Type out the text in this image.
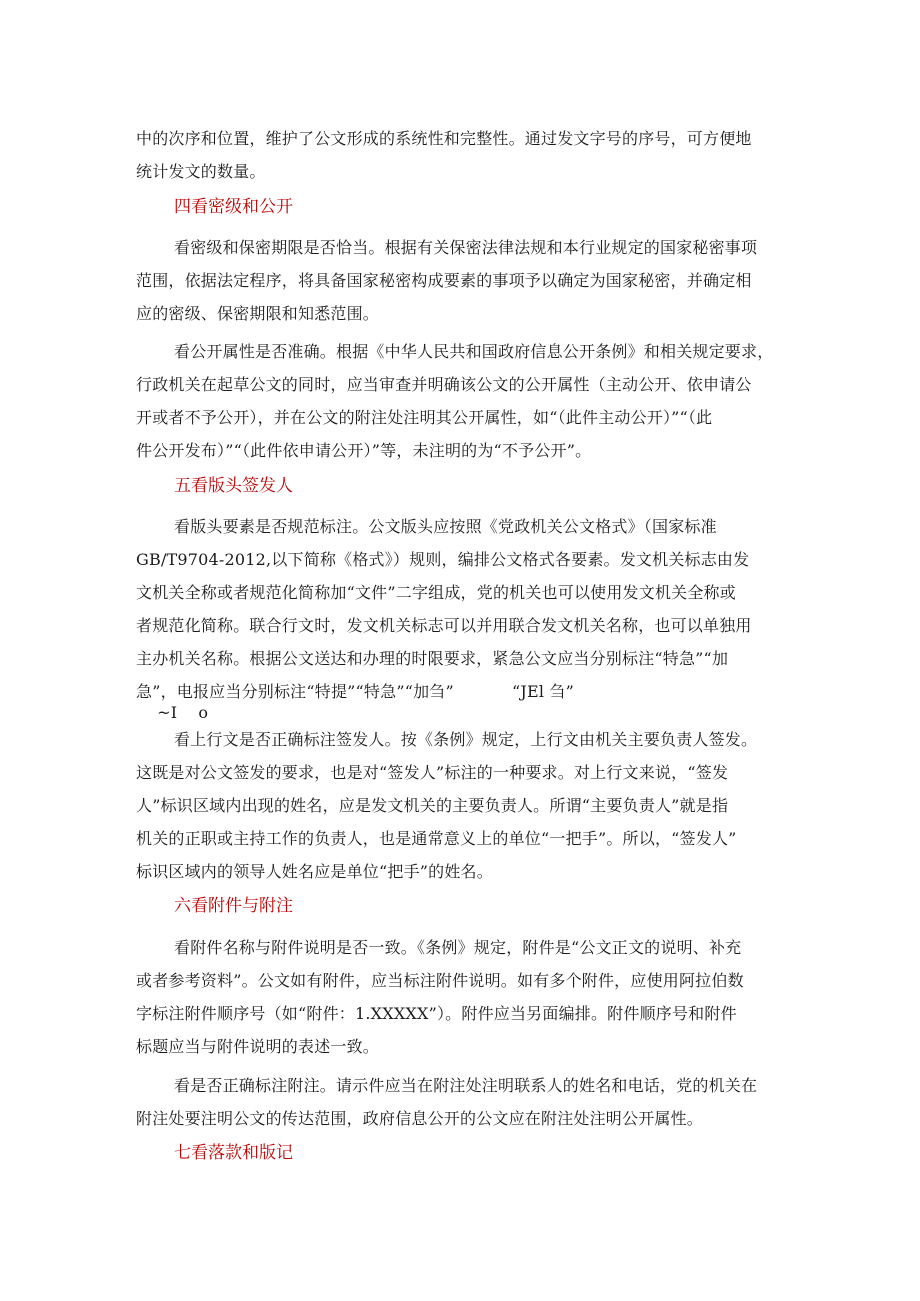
中的次序和位置，维护了公文形成的系统性和完整性。通过发文字号的序号，可方便地
统计发文的数量。
四看密级和公开
看密级和保密期限是否恰当。根据有关保密法律法规和本行业规定的国家秘密事项
范围，依据法定程序，将具备国家秘密构成要素的事项予以确定为国家秘密，并确定相
应的密级、保密期限和知悉范围。
看公开属性是否准确。根据《中华人民共和国政府信息公开条例》和相关规定要求，
行政机关在起草公文的同时，应当审查并明确该公文的公开属性（主动公开、依申请公
开或者不予公开），并在公文的附注处注明其公开属性，如“（此件主动公开）”“（此
件公开发布）”“（此件依申请公开）”等，未注明的为“不予公开”。
五看版头签发人
看版头要素是否规范标注。公文版头应按照《党政机关公文格式》（国家标准
GB/T9704-2012,以下简称《格式》）规则，编排公文格式各要素。发文机关标志由发
文机关全称或者规范化简称加“文件”二字组成，党的机关也可以使用发文机关全称或
者规范化简称。联合行文时，发文机关标志可以并用联合发文机关名称，也可以单独用
主办机关名称。根据公文送达和办理的时限要求，紧急公文应当分别标注“特急”“加
急”，电报应当分别标注“特提”“特急”“加刍”           “JEl 刍”
~I    o
看上行文是否正确标注签发人。按《条例》规定，上行文由机关主要负责人签发。
这既是对公文签发的要求，也是对“签发人”标注的一种要求。对上行文来说，“签发
人”标识区域内出现的姓名，应是发文机关的主要负责人。所谓“主要负责人”就是指
机关的正职或主持工作的负责人，也是通常意义上的单位“一把手”。所以，“签发人”
标识区域内的领导人姓名应是单位“把手”的姓名。
六看附件与附注
看附件名称与附件说明是否一致。《条例》规定，附件是“公文正文的说明、补充
或者参考资料”。公文如有附件，应当标注附件说明。如有多个附件，应使用阿拉伯数
字标注附件顺序号（如“附件：1.XXXXX”）。附件应当另面编排。附件顺序号和附件
标题应当与附件说明的表述一致。
看是否正确标注附注。请示件应当在附注处注明联系人的姓名和电话，党的机关在
附注处要注明公文的传达范围，政府信息公开的公文应在附注处注明公开属性。
七看落款和版记
